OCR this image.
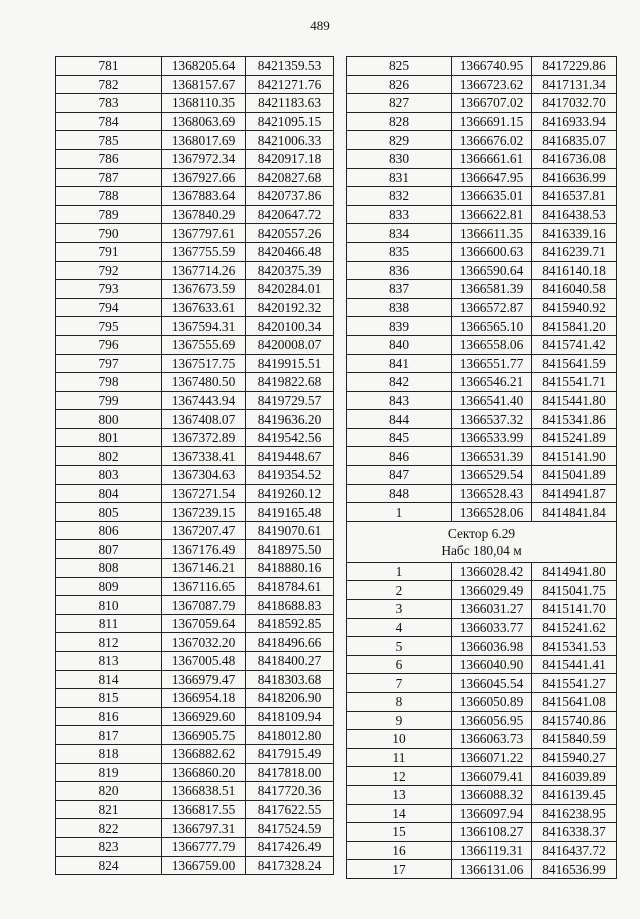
489
781	1368205.64	8421359.53
782	1368157.67	8421271.76
783	1368110.35	8421183.63
784	1368063.69	8421095.15
785	1368017.69	8421006.33
786	1367972.34	8420917.18
787	1367927.66	8420827.68
788	1367883.64	8420737.86
789	1367840.29	8420647.72
790	1367797.61	8420557.26
791	1367755.59	8420466.48
792	1367714.26	8420375.39
793	1367673.59	8420284.01
794	1367633.61	8420192.32
795	1367594.31	8420100.34
796	1367555.69	8420008.07
797	1367517.75	8419915.51
798	1367480.50	8419822.68
799	1367443.94	8419729.57
800	1367408.07	8419636.20
801	1367372.89	8419542.56
802	1367338.41	8419448.67
803	1367304.63	8419354.52
804	1367271.54	8419260.12
805	1367239.15	8419165.48
806	1367207.47	8419070.61
807	1367176.49	8418975.50
808	1367146.21	8418880.16
809	1367116.65	8418784.61
810	1367087.79	8418688.83
811	1367059.64	8418592.85
812	1367032.20	8418496.66
813	1367005.48	8418400.27
814	1366979.47	8418303.68
815	1366954.18	8418206.90
816	1366929.60	8418109.94
817	1366905.75	8418012.80
818	1366882.62	8417915.49
819	1366860.20	8417818.00
820	1366838.51	8417720.36
821	1366817.55	8417622.55
822	1366797.31	8417524.59
823	1366777.79	8417426.49
824	1366759.00	8417328.24
825	1366740.95	8417229.86
826	1366723.62	8417131.34
827	1366707.02	8417032.70
828	1366691.15	8416933.94
829	1366676.02	8416835.07
830	1366661.61	8416736.08
831	1366647.95	8416636.99
832	1366635.01	8416537.81
833	1366622.81	8416438.53
834	1366611.35	8416339.16
835	1366600.63	8416239.71
836	1366590.64	8416140.18
837	1366581.39	8416040.58
838	1366572.87	8415940.92
839	1366565.10	8415841.20
840	1366558.06	8415741.42
841	1366551.77	8415641.59
842	1366546.21	8415541.71
843	1366541.40	8415441.80
844	1366537.32	8415341.86
845	1366533.99	8415241.89
846	1366531.39	8415141.90
847	1366529.54	8415041.89
848	1366528.43	8414941.87
1	1366528.06	8414841.84

Сектор 6.29
Набс 180,04 м		

1	1366028.42	8414941.80
2	1366029.49	8415041.75
3	1366031.27	8415141.70
4	1366033.77	8415241.62
5	1366036.98	8415341.53
6	1366040.90	8415441.41
7	1366045.54	8415541.27
8	1366050.89	8415641.08
9	1366056.95	8415740.86
10	1366063.73	8415840.59
11	1366071.22	8415940.27
12	1366079.41	8416039.89
13	1366088.32	8416139.45
14	1366097.94	8416238.95
15	1366108.27	8416338.37
16	1366119.31	8416437.72
17	1366131.06	8416536.99
